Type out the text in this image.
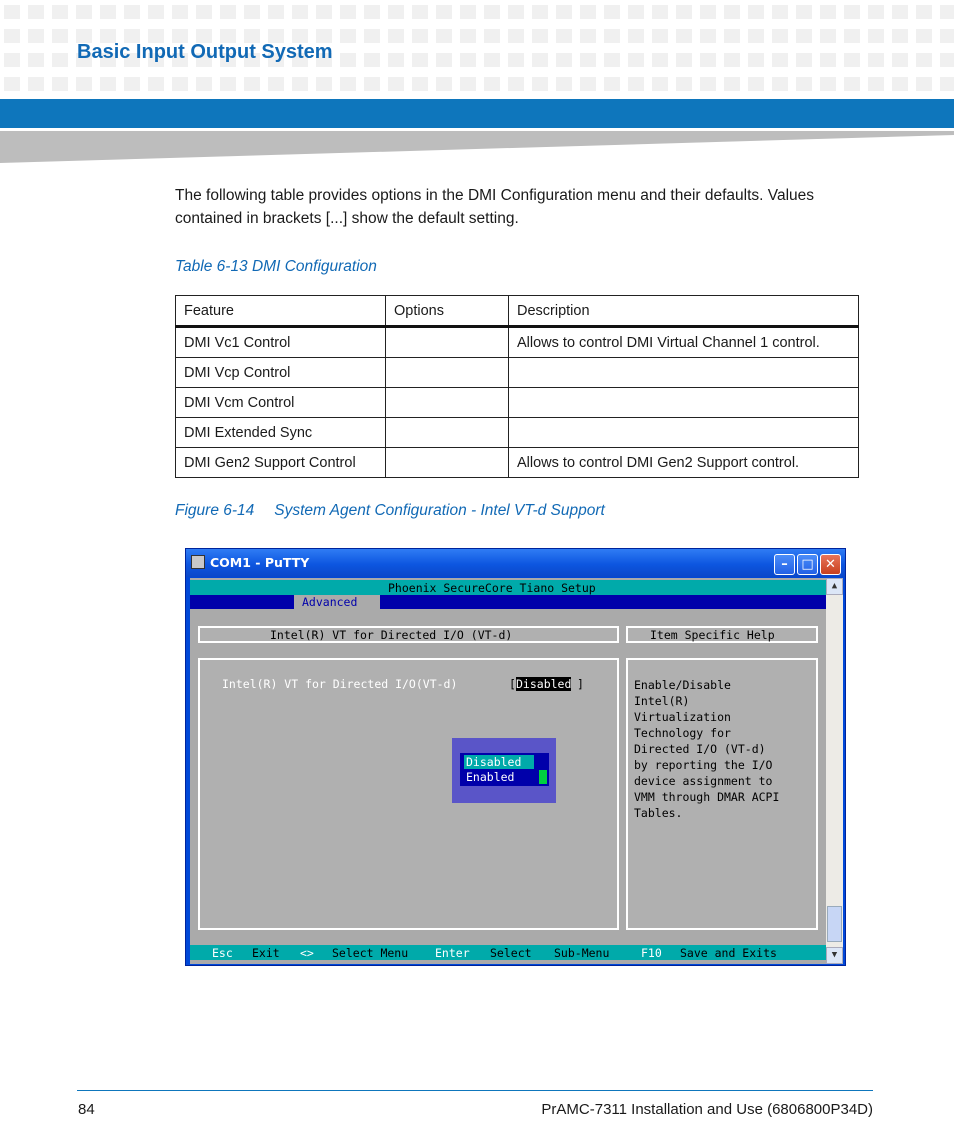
Basic Input Output System
The following table provides options in the DMI Configuration menu and their defaults. Values contained in brackets [...] show the default setting.
Table 6-13 DMI Configuration
Feature	Options	Description
DMI Vc1 Control		Allows to control DMI Virtual Channel 1 control.
DMI Vcp Control		
DMI Vcm Control		
DMI Extended Sync		
DMI Gen2 Support Control		Allows to control DMI Gen2 Support control.
Figure 6-14 System Agent Configuration - Intel VT-d Support
COM1 - PuTTY	–	□ ✕
Phoenix SecureCore Tiano Setup
Advanced
Intel(R) VT for Directed I/O (VT-d)	Item Specific Help
Intel(R) VT for Directed I/O(VT-d)	[ Disabled ]	Enable/Disable
Intel(R)
Virtualization
Technology for
Directed I/O (VT-d)
by reporting the I/O
device assignment to
VMM through DMAR ACPI
Tables.
Disabled
Enabled
Esc Exit <> Select Menu Enter Select Sub-Menu	F10 Save and Exits
▲
▼
84	PrAMC-7311 Installation and Use (6806800P34D)
